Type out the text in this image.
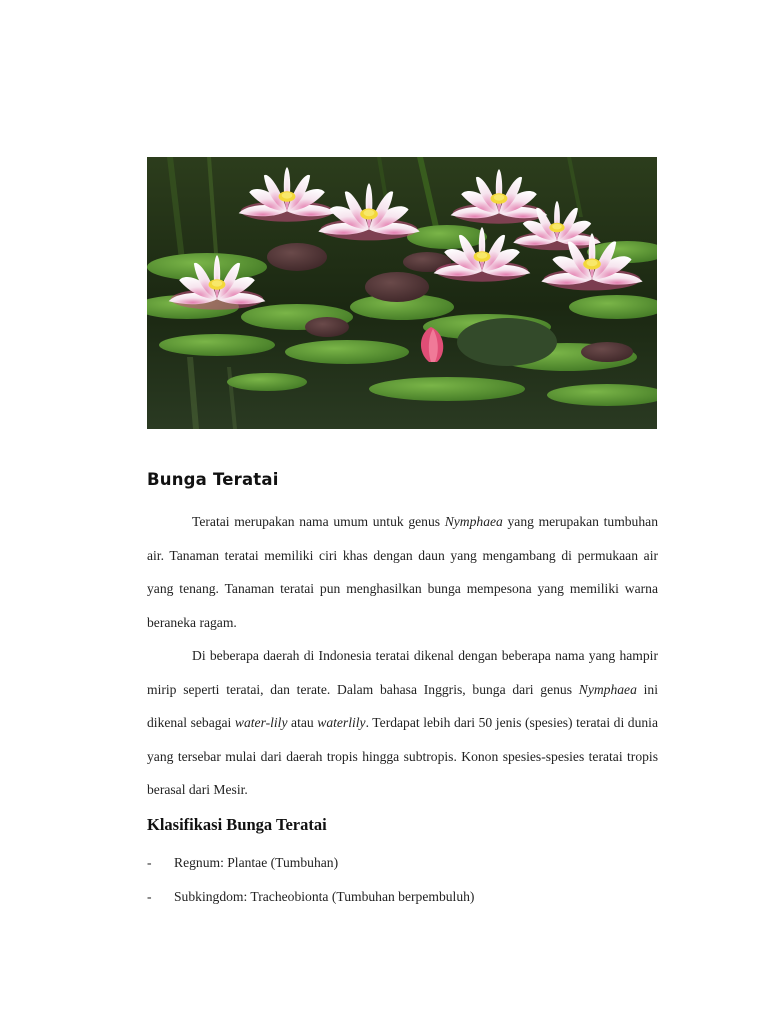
Bunga Teratai

Teratai merupakan nama umum untuk genus Nymphaea yang merupakan tumbuhan air. Tanaman teratai memiliki ciri khas dengan daun yang mengambang di permukaan air yang tenang. Tanaman teratai pun menghasilkan bunga mempesona yang memiliki warna beraneka ragam.

Di beberapa daerah di Indonesia teratai dikenal dengan beberapa nama yang hampir mirip seperti teratai, dan terate. Dalam bahasa Inggris, bunga dari genus Nymphaea ini dikenal sebagai water-lily atau waterlily. Terdapat lebih dari 50 jenis (spesies) teratai di dunia yang tersebar mulai dari daerah tropis hingga subtropis. Konon spesies-spesies teratai tropis berasal dari Mesir.

Klasifikasi Bunga Teratai
- Regnum: Plantae (Tumbuhan)
- Subkingdom: Tracheobionta (Tumbuhan berpembuluh)
